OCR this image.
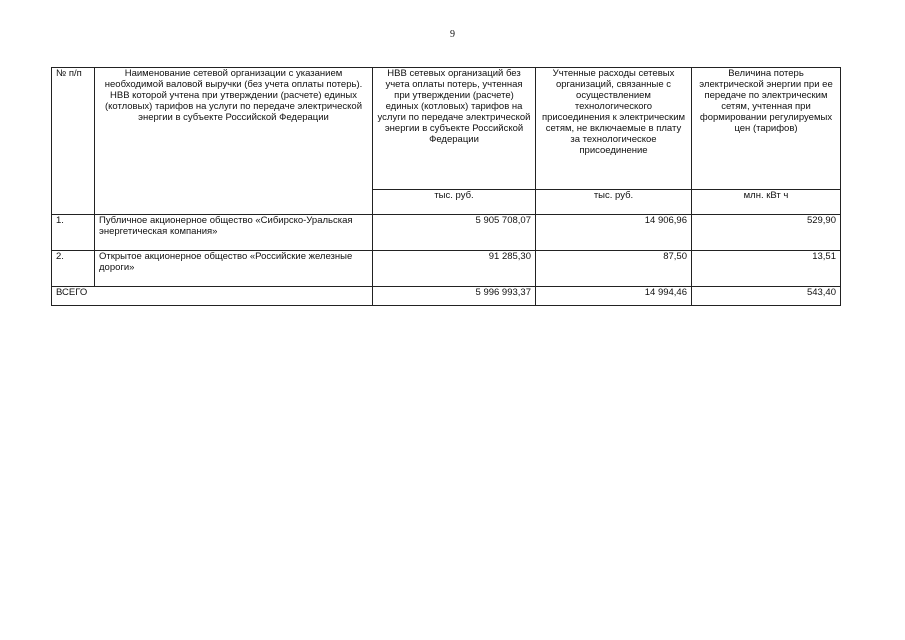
9
№ п/п	Наименование сетевой организации с указанием необходимой валовой выручки (без учета оплаты потерь). НВВ которой учтена при утверждении (расчете) единых (котловых) тарифов на услуги по передаче электрической энергии в субъекте Российской Федерации	НВВ сетевых организаций без учета оплаты потерь, учтенная при утверждении (расчете) единых (котловых) тарифов на услуги по передаче электрической энергии в субъекте Российской Федерации	Учтенные расходы сетевых организаций, связанные с осуществлением технологического присоединения к электрическим сетям, не включаемые в плату за технологическое присоединение	Величина потерь электрической энергии при ее передаче по электрическим сетям, учтенная при формировании регулируемых цен (тарифов)
		тыс. руб.	тыс. руб.	млн. кВт ч
1.	Публичное акционерное общество «Сибирско-Уральская энергетическая компания»	5 905 708,07	14 906,96	529,90
2.	Открытое акционерное общество «Российские железные дороги»	91 285,30	87,50	13,51
ВСЕГО		5 996 993,37	14 994,46	543,40
